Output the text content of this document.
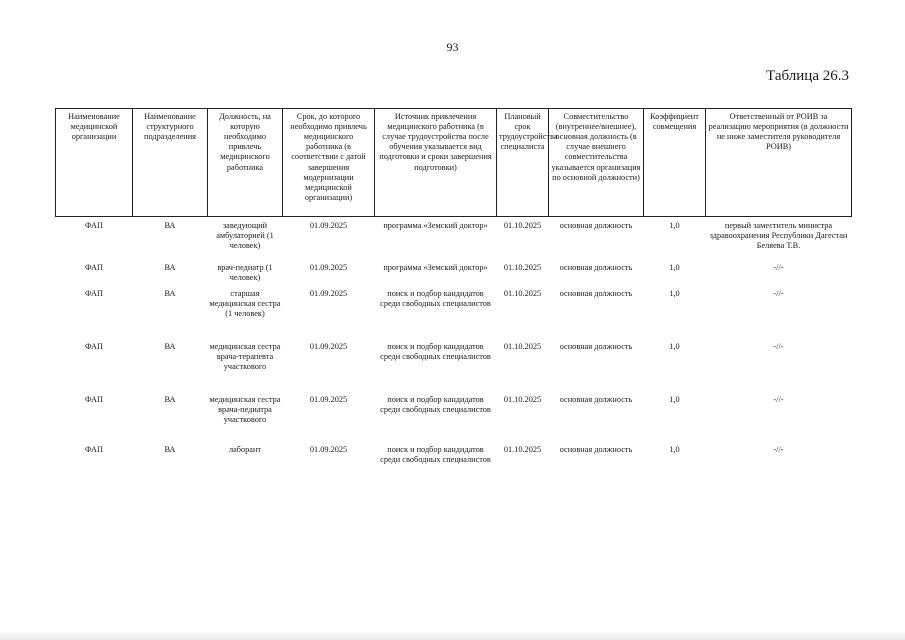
93
Таблица 26.3
Наименование медицинской организации	Наименование структурного подразделения	Должность, на которую необходимо привлечь медицинского работника	Срок, до которого необходимо привлечь медицинского работника (в соответствии с датой завершения модернизации медицинской организации)	Источник привлечения медицинского работника (в случае трудоустройства после обучения указывается вид подготовки и сроки завершения подготовки)	Плановый срок трудоустройства специалиста	Совместительство (внутреннее/внешнее), основная должность (в случае внешнего совместительства указывается организация по основной должности)	Коэффициент совмещения	Ответственный от РОИВ за реализацию мероприятия (в должности не ниже заместителя руководителя РОИВ)
ФАП	ВА	заведующий амбулаторией (1 человек)	01.09.2025	программа «Земский доктор»	01.10.2025	основная должность	1,0	первый заместитель министра здравоохранения Республики Дагестан Беляева Т.В.
ФАП	ВА	врач-педиатр (1 человек)	01.09.2025	программа «Земский доктор»	01.10.2025	основная должность	1,0	-//-
ФАП	ВА	старшая медицинская сестра (1 человек)	01.09.2025	поиск и подбор кандидатов среди свободных специалистов	01.10.2025	основная должность	1,0	-//-
ФАП	ВА	медицинская сестра врача-терапевта участкового	01.09.2025	поиск и подбор кандидатов среди свободных специалистов	01.10.2025	основная должность	1,0	-//-
ФАП	ВА	медицинская сестра врача-педиатра участкового	01.09.2025	поиск и подбор кандидатов среди свободных специалистов	01.10.2025	основная должность	1,0	-//-
ФАП	ВА	лаборант	01.09.2025	поиск и подбор кандидатов среди свободных специалистов	01.10.2025	основная должность	1,0	-//-
